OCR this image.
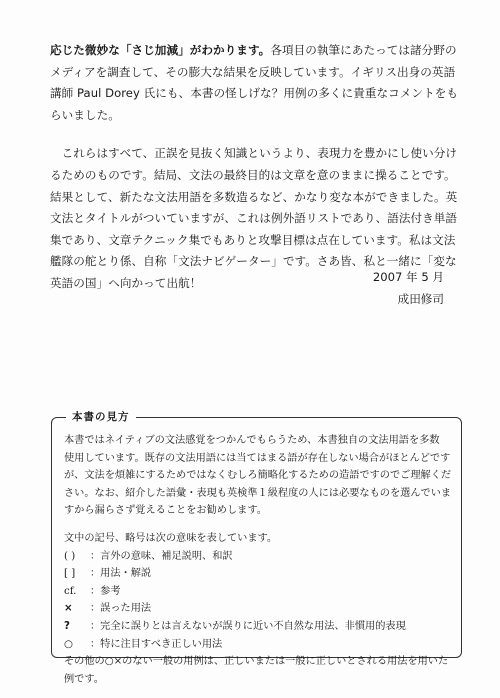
応じた微妙な「さじ加減」がわかります。各項目の執筆にあたっては諸分野の
メディアを調査して、その膨大な結果を反映しています。イギリス出身の英語
講師 Paul Dorey 氏にも、本書の怪しげな？用例の多くに貴重なコメントをも
らいました。

これらはすべて、正誤を見抜く知識というより、表現力を豊かにし使い分け
るためのものです。結局、文法の最終目的は文章を意のままに操ることです。
結果として、新たな文法用語を多数造るなど、かなり変な本ができました。英
文法とタイトルがついていますが、これは例外語リストであり、語法付き単語
集であり、文章テクニック集でもありと攻撃目標は点在しています。私は文法
艦隊の舵とり係、自称「文法ナビゲーター」です。さあ皆、私と一緒に「変な
英語の国」へ向かって出航！	2007 年 5 月
成田修司
本書の見方
本書ではネイティブの文法感覚をつかんでもらうため、本書独自の文法用語を多数
使用しています。既存の文法用語には当てはまる語が存在しない場合がほとんどです
が、文法を煩雑にするためではなくむしろ簡略化するための造語ですのでご理解くだ
さい。なお、紹介した語彙・表現も英検準１級程度の人には必要なものを選んでいま
すから漏らさず覚えることをお勧めします。
文中の記号、略号は次の意味を表しています。
( )	：言外の意味、補足説明、和訳
[ ]	：用法・解説
cf.	：参考
×	：誤った用法
?	：完全に誤りとは言えないが誤りに近い不自然な用法、非慣用的表現
○	：特に注目すべき正しい用法
その他の○×のない一般の用例は、正しいまたは一般に正しいとされる用法を用いた
例です。
